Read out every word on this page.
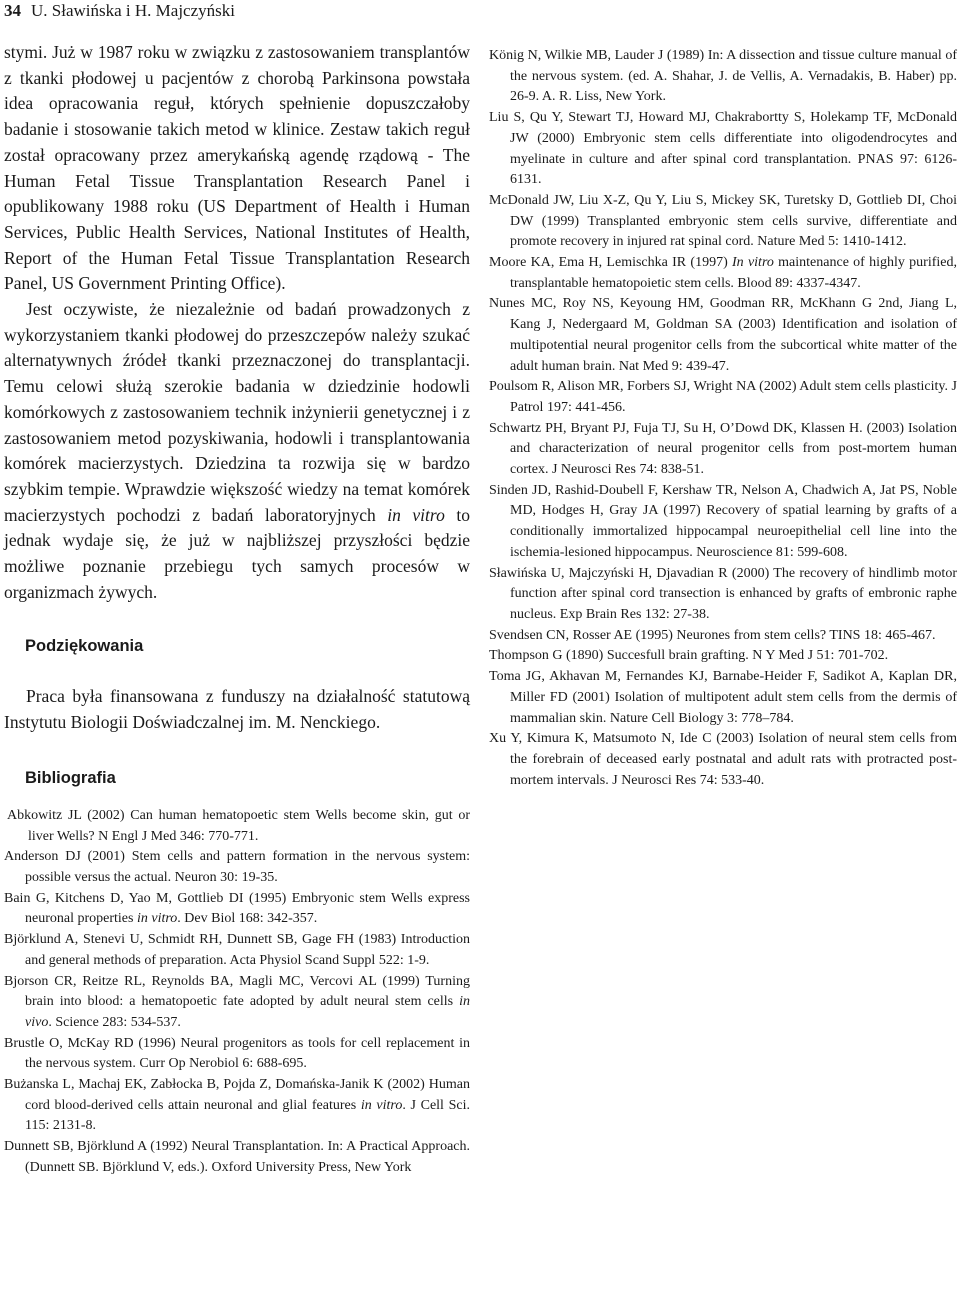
34 U. Sławińska i H. Majczyński

stymi. Już w 1987 roku w związku z zastosowaniem transplantów z tkanki płodowej u pacjentów z chorobą Parkinsona powstała idea opracowania reguł, których spełnienie dopuszczałoby badanie i stosowanie takich metod w klinice. Zestaw takich reguł został opracowany przez amerykańską agendę rządową - The Human Fetal Tissue Transplantation Research Panel i opublikowany 1988 roku (US Department of Health i Human Services, Public Health Services, National Institutes of Health, Report of the Human Fetal Tissue Transplantation Research Panel, US Government Printing Office).

Jest oczywiste, że niezależnie od badań prowadzonych z wykorzystaniem tkanki płodowej do przeszczepów należy szukać alternatywnych źródeł tkanki przeznaczonej do transplantacji. Temu celowi służą szerokie badania w dziedzinie hodowli komórkowych z zastosowaniem technik inżynierii genetycznej i z zastosowaniem metod pozyskiwania, hodowli i transplantowania komórek macierzystych. Dziedzina ta rozwija się w bardzo szybkim tempie. Wprawdzie większość wiedzy na temat komórek macierzystych pochodzi z badań laboratoryjnych in vitro to jednak wydaje się, że już w najbliższej przyszłości będzie możliwe poznanie przebiegu tych samych procesów w organizmach żywych.

Podziękowania

Praca była finansowana z funduszy na działalność statutową Instytutu Biologii Doświadczalnej im. M. Nenckiego.

Bibliografia
Abkowitz JL (2002) Can human hematopoetic stem Wells become skin, gut or liver Wells? N Engl J Med 346: 770-771.
Anderson DJ (2001) Stem cells and pattern formation in the nervous system: possible versus the actual. Neuron 30: 19-35.
Bain G, Kitchens D, Yao M, Gottlieb DI (1995) Embryonic stem Wells express neuronal properties in vitro. Dev Biol 168: 342-357.
Björklund A, Stenevi U, Schmidt RH, Dunnett SB, Gage FH (1983) Introduction and general methods of preparation. Acta Physiol Scand Suppl 522: 1-9.
Bjorson CR, Reitze RL, Reynolds BA, Magli MC, Vercovi AL (1999) Turning brain into blood: a hematopoetic fate adopted by adult neural stem cells in vivo. Science 283: 534-537.
Brustle O, McKay RD (1996) Neural progenitors as tools for cell replacement in the nervous system. Curr Op Nerobiol 6: 688-695.
Bużanska L, Machaj EK, Zabłocka B, Pojda Z, Domańska-Janik K (2002) Human cord blood-derived cells attain neuronal and glial features in vitro. J Cell Sci. 115: 2131-8.
Dunnett SB, Björklund A (1992) Neural Transplantation. In: A Practical Approach. (Dunnett SB. Björklund V, eds.). Oxford University Press, New York
König N, Wilkie MB, Lauder J (1989) In: A dissection and tissue culture manual of the nervous system. (ed. A. Shahar, J. de Vellis, A. Vernadakis, B. Haber) pp. 26-9. A. R. Liss, New York.
Liu S, Qu Y, Stewart TJ, Howard MJ, Chakrabortty S, Holekamp TF, McDonald JW (2000) Embryonic stem cells differentiate into oligodendrocytes and myelinate in culture and after spinal cord transplantation. PNAS 97: 6126-6131.
McDonald JW, Liu X-Z, Qu Y, Liu S, Mickey SK, Turetsky D, Gottlieb DI, Choi DW (1999) Transplanted embryonic stem cells survive, differentiate and promote recovery in injured rat spinal cord. Nature Med 5: 1410-1412.
Moore KA, Ema H, Lemischka IR (1997) In vitro maintenance of highly purified, transplantable hematopoietic stem cells. Blood 89: 4337-4347.
Nunes MC, Roy NS, Keyoung HM, Goodman RR, McKhann G 2nd, Jiang L, Kang J, Nedergaard M, Goldman SA (2003) Identification and isolation of multipotential neural progenitor cells from the subcortical white matter of the adult human brain. Nat Med 9: 439-47.
Poulsom R, Alison MR, Forbers SJ, Wright NA (2002) Adult stem cells plasticity. J Patrol 197: 441-456.
Schwartz PH, Bryant PJ, Fuja TJ, Su H, O’Dowd DK, Klassen H. (2003) Isolation and characterization of neural progenitor cells from post-mortem human cortex. J Neurosci Res 74: 838-51.
Sinden JD, Rashid-Doubell F, Kershaw TR, Nelson A, Chadwich A, Jat PS, Noble MD, Hodges H, Gray JA (1997) Recovery of spatial learning by grafts of a conditionally immortalized hippocampal neuroepithelial cell line into the ischemia-lesioned hippocampus. Neuroscience 81: 599-608.
Sławińska U, Majczyński H, Djavadian R (2000) The recovery of hindlimb motor function after spinal cord transection is enhanced by grafts of embronic raphe nucleus. Exp Brain Res 132: 27-38.
Svendsen CN, Rosser AE (1995) Neurones from stem cells? TINS 18: 465-467.
Thompson G (1890) Succesfull brain grafting. N Y Med J 51: 701-702.
Toma JG, Akhavan M, Fernandes KJ, Barnabe-Heider F, Sadikot A, Kaplan DR, Miller FD (2001) Isolation of multipotent adult stem cells from the dermis of mammalian skin. Nature Cell Biology 3: 778–784.
Xu Y, Kimura K, Matsumoto N, Ide C (2003) Isolation of neural stem cells from the forebrain of deceased early postnatal and adult rats with protracted post-mortem intervals. J Neurosci Res 74: 533-40.
